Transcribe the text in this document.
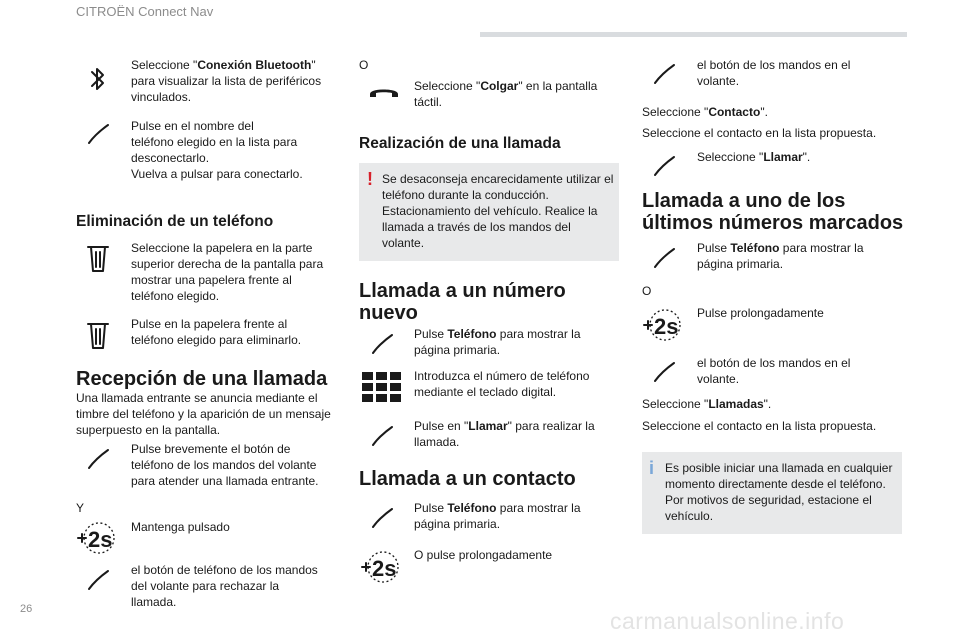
CITROËN Connect Nav
26	carmanualsonline.info

Seleccione "Conexión Bluetooth" para visualizar la lista de periféricos vinculados.

Pulse en el nombre del
teléfono elegido en la lista para
desconectarlo.
Vuelva a pulsar para conectarlo.

Eliminación de un teléfono

Seleccione la papelera en la parte superior derecha de la pantalla para mostrar una papelera frente al teléfono elegido.

Pulse en la papelera frente al teléfono elegido para eliminarlo.

Recepción de una llamada

Una llamada entrante se anuncia mediante el timbre del teléfono y la aparición de un mensaje superpuesto en la pantalla.

Pulse brevemente el botón de teléfono de los mandos del volante para atender una llamada entrante.

Y

2s Mantenga pulsado

el botón de teléfono de los mandos del volante para rechazar la llamada.

O

Seleccione "Colgar" en la pantalla táctil.

Realización de una llamada
! Se desaconseja encarecidamente utilizar el teléfono durante la conducción. Estacionamiento del vehículo. Realice la llamada a través de los mandos del volante.

Llamada a un número
nuevo

Pulse Teléfono para mostrar la página primaria.

Introduzca el número de teléfono mediante el teclado digital.

Pulse en "Llamar" para realizar la llamada.

Llamada a un contacto

Pulse Teléfono para mostrar la página primaria.

2s

O pulse prolongadamente

el botón de los mandos en el volante.

Seleccione "Contacto".

Seleccione el contacto en la lista propuesta.

Seleccione "Llamar".

Llamada a uno de los
últimos números marcados

Pulse Teléfono para mostrar la página primaria.

O

2s

Pulse prolongadamente

el botón de los mandos en el volante.

Seleccione "Llamadas".

Seleccione el contacto en la lista propuesta.

i Es posible iniciar una llamada en cualquier momento directamente desde el teléfono. Por motivos de seguridad, estacione el vehículo.
